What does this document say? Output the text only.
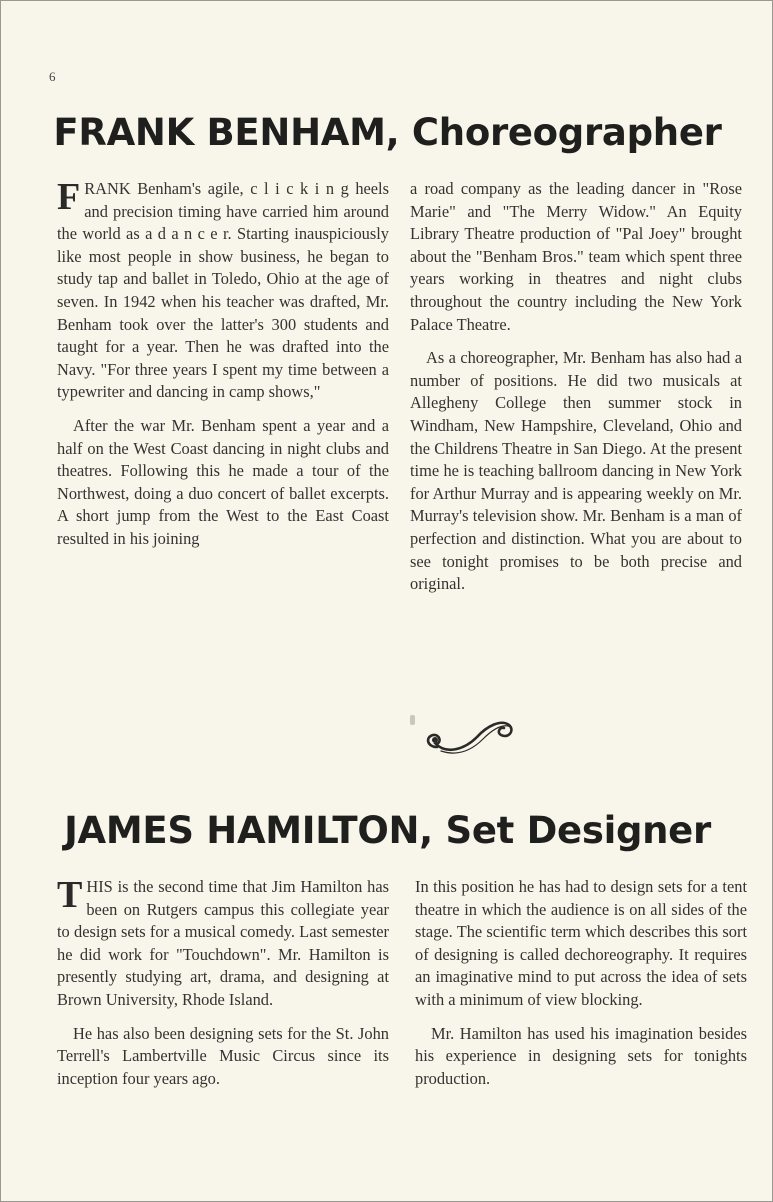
6
FRANK BENHAM, Choreographer

FRANK Benham's agile, c l i c k i n g heels and precision timing have carried him around the world as a d a n c e r. Starting inauspiciously like most people in show business, he began to study tap and ballet in Toledo, Ohio at the age of seven. In 1942 when his teacher was drafted, Mr. Benham took over the latter's 300 students and taught for a year. Then he was drafted into the Navy. "For three years I spent my time between a typewriter and dancing in camp shows,"

After the war Mr. Benham spent a year and a half on the West Coast dancing in night clubs and theatres. Following this he made a tour of the Northwest, doing a duo concert of ballet excerpts. A short jump from the West to the East Coast resulted in his joining

a road company as the leading dancer in "Rose Marie" and "The Merry Widow." An Equity Library Theatre production of "Pal Joey" brought about the "Benham Bros." team which spent three years working in theatres and night clubs throughout the country including the New York Palace Theatre.

As a choreographer, Mr. Benham has also had a number of positions. He did two musicals at Allegheny College then summer stock in Windham, New Hampshire, Cleveland, Ohio and the Childrens Theatre in San Diego. At the present time he is teaching ballroom dancing in New York for Arthur Murray and is appearing weekly on Mr. Murray's television show. Mr. Benham is a man of perfection and distinction. What you are about to see tonight promises to be both precise and original.

JAMES HAMILTON, Set Designer

THIS is the second time that Jim Hamilton has been on Rutgers campus this collegiate year to design sets for a musical comedy. Last semester he did work for "Touchdown". Mr. Hamilton is presently studying art, drama, and designing at Brown University, Rhode Island.

He has also been designing sets for the St. John Terrell's Lambertville Music Circus since its inception four years ago.

In this position he has had to design sets for a tent theatre in which the audience is on all sides of the stage. The scientific term which describes this sort of designing is called dechoreography. It requires an imaginative mind to put across the idea of sets with a minimum of view blocking.

Mr. Hamilton has used his imagination besides his experience in designing sets for tonights production.
